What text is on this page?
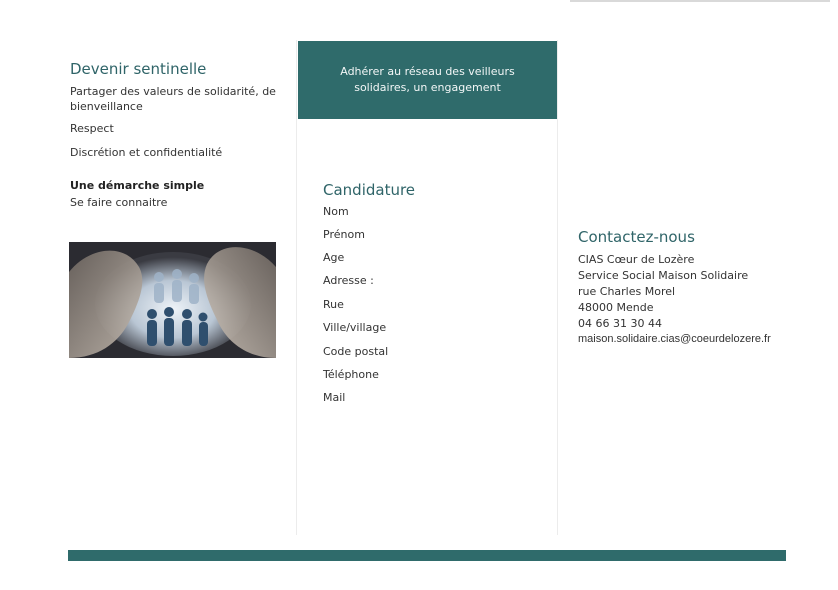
Devenir sentinelle
Partager des valeurs de solidarité, de bienveillance
Respect
Discrétion et confidentialité
Une démarche simple
Se faire connaitre
Adhérer au réseau des veilleurs solidaires, un engagement
Candidature
Nom
Prénom
Age
Adresse :
Rue
Ville/village
Code postal
Téléphone
Mail
Contactez-nous
CIAS Cœur de Lozère
Service Social Maison Solidaire
rue Charles Morel
48000 Mende
04 66 31 30 44
maison.solidaire.cias@coeurdelozere.fr
